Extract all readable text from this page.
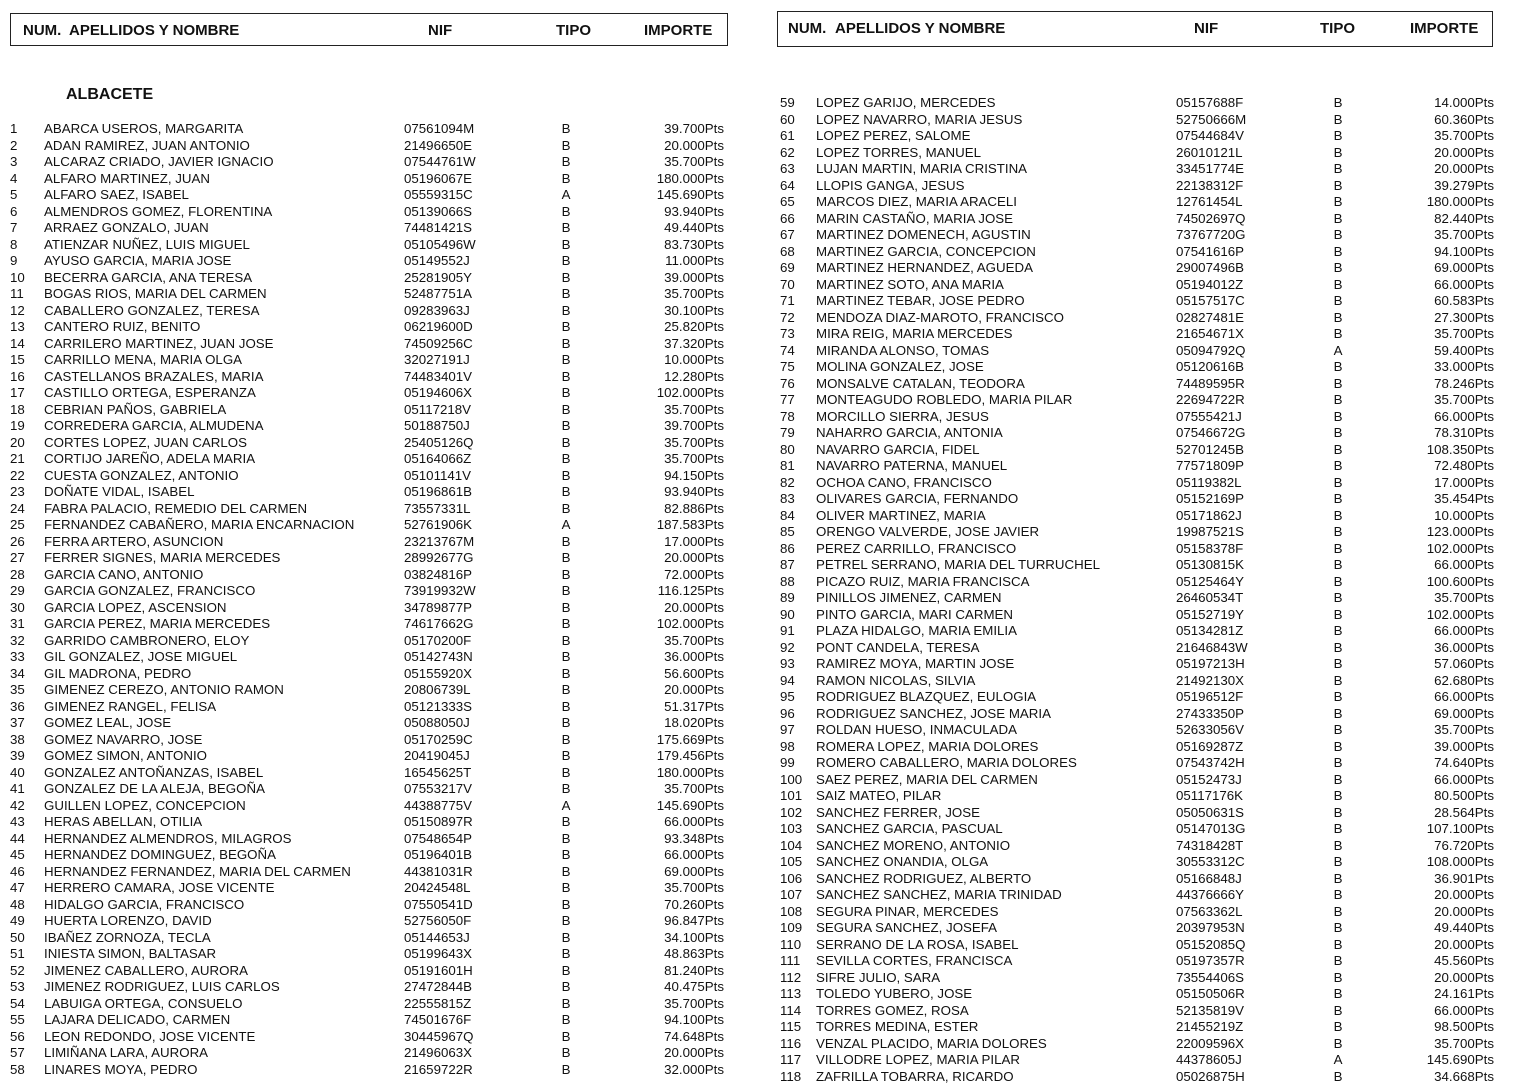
NUM. APELLIDOS Y NOMBRE	NIF	TIPO	IMPORTE	NUM. APELLIDOS Y NOMBRE	NIF	TIPO	IMPORTE
ALBACETE
1 ABARCA USEROS, MARGARITA	07561094M	B	39.700Pts
2 ADAN RAMIREZ, JUAN ANTONIO	21496650E	B	20.000Pts
3 ALCARAZ CRIADO, JAVIER IGNACIO	07544761W	B	35.700Pts
4 ALFARO MARTINEZ, JUAN	05196067E	B	180.000Pts
5 ALFARO SAEZ, ISABEL	05559315C	A	145.690Pts
6 ALMENDROS GOMEZ, FLORENTINA	05139066S	B	93.940Pts
7 ARRAEZ GONZALO, JUAN	74481421S	B	49.440Pts
8 ATIENZAR NUÑEZ, LUIS MIGUEL	05105496W	B	83.730Pts
9 AYUSO GARCIA, MARIA JOSE	05149552J	B	11.000Pts
10 BECERRA GARCIA, ANA TERESA	25281905Y	B	39.000Pts
11 BOGAS RIOS, MARIA DEL CARMEN	52487751A	B	35.700Pts
12 CABALLERO GONZALEZ, TERESA	09283963J	B	30.100Pts
13 CANTERO RUIZ, BENITO	06219600D	B	25.820Pts
14 CARRILERO MARTINEZ, JUAN JOSE	74509256C	B	37.320Pts
15 CARRILLO MENA, MARIA OLGA	32027191J	B	10.000Pts
16 CASTELLANOS BRAZALES, MARIA	74483401V	B	12.280Pts
17 CASTILLO ORTEGA, ESPERANZA	05194606X	B	102.000Pts
18 CEBRIAN PAÑOS, GABRIELA	05117218V	B	35.700Pts
19 CORREDERA GARCIA, ALMUDENA	50188750J	B	39.700Pts
20 CORTES LOPEZ, JUAN CARLOS	25405126Q	B	35.700Pts
21 CORTIJO JAREÑO, ADELA MARIA	05164066Z	B	35.700Pts
22 CUESTA GONZALEZ, ANTONIO	05101141V	B	94.150Pts
23 DOÑATE VIDAL, ISABEL	05196861B	B	93.940Pts
24 FABRA PALACIO, REMEDIO DEL CARMEN	73557331L	B	82.886Pts
25 FERNANDEZ CABAÑERO, MARIA ENCARNACION	52761906K	A	187.583Pts
26 FERRA ARTERO, ASUNCION	23213767M	B	17.000Pts
27 FERRER SIGNES, MARIA MERCEDES	28992677G	B	20.000Pts
28 GARCIA CANO, ANTONIO	03824816P	B	72.000Pts
29 GARCIA GONZALEZ, FRANCISCO	73919932W	B	116.125Pts
30 GARCIA LOPEZ, ASCENSION	34789877P	B	20.000Pts
31 GARCIA PEREZ, MARIA MERCEDES	74617662G	B	102.000Pts
32 GARRIDO CAMBRONERO, ELOY	05170200F	B	35.700Pts
33 GIL GONZALEZ, JOSE MIGUEL	05142743N	B	36.000Pts
34 GIL MADRONA, PEDRO	05155920X	B	56.600Pts
35 GIMENEZ CEREZO, ANTONIO RAMON	20806739L	B	20.000Pts
36 GIMENEZ RANGEL, FELISA	05121333S	B	51.317Pts
37 GOMEZ LEAL, JOSE	05088050J	B	18.020Pts
38 GOMEZ NAVARRO, JOSE	05170259C	B	175.669Pts
39 GOMEZ SIMON, ANTONIO	20419045J	B	179.456Pts
40 GONZALEZ ANTOÑANZAS, ISABEL	16545625T	B	180.000Pts
41 GONZALEZ DE LA ALEJA, BEGOÑA	07553217V	B	35.700Pts
42 GUILLEN LOPEZ, CONCEPCION	44388775V	A	145.690Pts
43 HERAS ABELLAN, OTILIA	05150897R	B	66.000Pts
44 HERNANDEZ ALMENDROS, MILAGROS	07548654P	B	93.348Pts
45 HERNANDEZ DOMINGUEZ, BEGOÑA	05196401B	B	66.000Pts
46 HERNANDEZ FERNANDEZ, MARIA DEL CARMEN	44381031R	B	69.000Pts
47 HERRERO CAMARA, JOSE VICENTE	20424548L	B	35.700Pts
48 HIDALGO GARCIA, FRANCISCO	07550541D	B	70.260Pts
49 HUERTA LORENZO, DAVID	52756050F	B	96.847Pts
50 IBAÑEZ ZORNOZA, TECLA	05144653J	B	34.100Pts
51 INIESTA SIMON, BALTASAR	05199643X	B	48.863Pts
52 JIMENEZ CABALLERO, AURORA	05191601H	B	81.240Pts
53 JIMENEZ RODRIGUEZ, LUIS CARLOS	27472844B	B	40.475Pts
54 LABUIGA ORTEGA, CONSUELO	22555815Z	B	35.700Pts
55 LAJARA DELICADO, CARMEN	74501676F	B	94.100Pts
56 LEON REDONDO, JOSE VICENTE	30445967Q	B	74.648Pts
57 LIMIÑANA LARA, AURORA	21496063X	B	20.000Pts
58 LINARES MOYA, PEDRO	21659722R	B	32.000Pts
59 LOPEZ GARIJO, MERCEDES	05157688F	B	14.000Pts
60 LOPEZ NAVARRO, MARIA JESUS	52750666M	B	60.360Pts
61 LOPEZ PEREZ, SALOME	07544684V	B	35.700Pts
62 LOPEZ TORRES, MANUEL	26010121L	B	20.000Pts
63 LUJAN MARTIN, MARIA CRISTINA	33451774E	B	20.000Pts
64 LLOPIS GANGA, JESUS	22138312F	B	39.279Pts
65 MARCOS DIEZ, MARIA ARACELI	12761454L	B	180.000Pts
66 MARIN CASTAÑO, MARIA JOSE	74502697Q	B	82.440Pts
67 MARTINEZ DOMENECH, AGUSTIN	73767720G	B	35.700Pts
68 MARTINEZ GARCIA, CONCEPCION	07541616P	B	94.100Pts
69 MARTINEZ HERNANDEZ, AGUEDA	29007496B	B	69.000Pts
70 MARTINEZ SOTO, ANA MARIA	05194012Z	B	66.000Pts
71 MARTINEZ TEBAR, JOSE PEDRO	05157517C	B	60.583Pts
72 MENDOZA DIAZ-MAROTO, FRANCISCO	02827481E	B	27.300Pts
73 MIRA REIG, MARIA MERCEDES	21654671X	B	35.700Pts
74 MIRANDA ALONSO, TOMAS	05094792Q	A	59.400Pts
75 MOLINA GONZALEZ, JOSE	05120616B	B	33.000Pts
76 MONSALVE CATALAN, TEODORA	74489595R	B	78.246Pts
77 MONTEAGUDO ROBLEDO, MARIA PILAR	22694722R	B	35.700Pts
78 MORCILLO SIERRA, JESUS	07555421J	B	66.000Pts
79 NAHARRO GARCIA, ANTONIA	07546672G	B	78.310Pts
80 NAVARRO GARCIA, FIDEL	52701245B	B	108.350Pts
81 NAVARRO PATERNA, MANUEL	77571809P	B	72.480Pts
82 OCHOA CANO, FRANCISCO	05119382L	B	17.000Pts
83 OLIVARES GARCIA, FERNANDO	05152169P	B	35.454Pts
84 OLIVER MARTINEZ, MARIA	05171862J	B	10.000Pts
85 ORENGO VALVERDE, JOSE JAVIER	19987521S	B	123.000Pts
86 PEREZ CARRILLO, FRANCISCO	05158378F	B	102.000Pts
87 PETREL SERRANO, MARIA DEL TURRUCHEL	05130815K	B	66.000Pts
88 PICAZO RUIZ, MARIA FRANCISCA	05125464Y	B	100.600Pts
89 PINILLOS JIMENEZ, CARMEN	26460534T	B	35.700Pts
90 PINTO GARCIA, MARI CARMEN	05152719Y	B	102.000Pts
91 PLAZA HIDALGO, MARIA EMILIA	05134281Z	B	66.000Pts
92 PONT CANDELA, TERESA	21646843W	B	36.000Pts
93 RAMIREZ MOYA, MARTIN JOSE	05197213H	B	57.060Pts
94 RAMON NICOLAS, SILVIA	21492130X	B	62.680Pts
95 RODRIGUEZ BLAZQUEZ, EULOGIA	05196512F	B	66.000Pts
96 RODRIGUEZ SANCHEZ, JOSE MARIA	27433350P	B	69.000Pts
97 ROLDAN HUESO, INMACULADA	52633056V	B	35.700Pts
98 ROMERA LOPEZ, MARIA DOLORES	05169287Z	B	39.000Pts
99 ROMERO CABALLERO, MARIA DOLORES	07543742H	B	74.640Pts
100 SAEZ PEREZ, MARIA DEL CARMEN	05152473J	B	66.000Pts
101 SAIZ MATEO, PILAR	05117176K	B	80.500Pts
102 SANCHEZ FERRER, JOSE	05050631S	B	28.564Pts
103 SANCHEZ GARCIA, PASCUAL	05147013G	B	107.100Pts
104 SANCHEZ MORENO, ANTONIO	74318428T	B	76.720Pts
105 SANCHEZ ONANDIA, OLGA	30553312C	B	108.000Pts
106 SANCHEZ RODRIGUEZ, ALBERTO	05166848J	B	36.901Pts
107 SANCHEZ SANCHEZ, MARIA TRINIDAD	44376666Y	B	20.000Pts
108 SEGURA PINAR, MERCEDES	07563362L	B	20.000Pts
109 SEGURA SANCHEZ, JOSEFA	20397953N	B	49.440Pts
110 SERRANO DE LA ROSA, ISABEL	05152085Q	B	20.000Pts
111 SEVILLA CORTES, FRANCISCA	05197357R	B	45.560Pts
112 SIFRE JULIO, SARA	73554406S	B	20.000Pts
113 TOLEDO YUBERO, JOSE	05150506R	B	24.161Pts
114 TORRES GOMEZ, ROSA	52135819V	B	66.000Pts
115 TORRES MEDINA, ESTER	21455219Z	B	98.500Pts
116 VENZAL PLACIDO, MARIA DOLORES	22009596X	B	35.700Pts
117 VILLODRE LOPEZ, MARIA PILAR	44378605J	A	145.690Pts
118 ZAFRILLA TOBARRA, RICARDO	05026875H	B	34.668Pts
